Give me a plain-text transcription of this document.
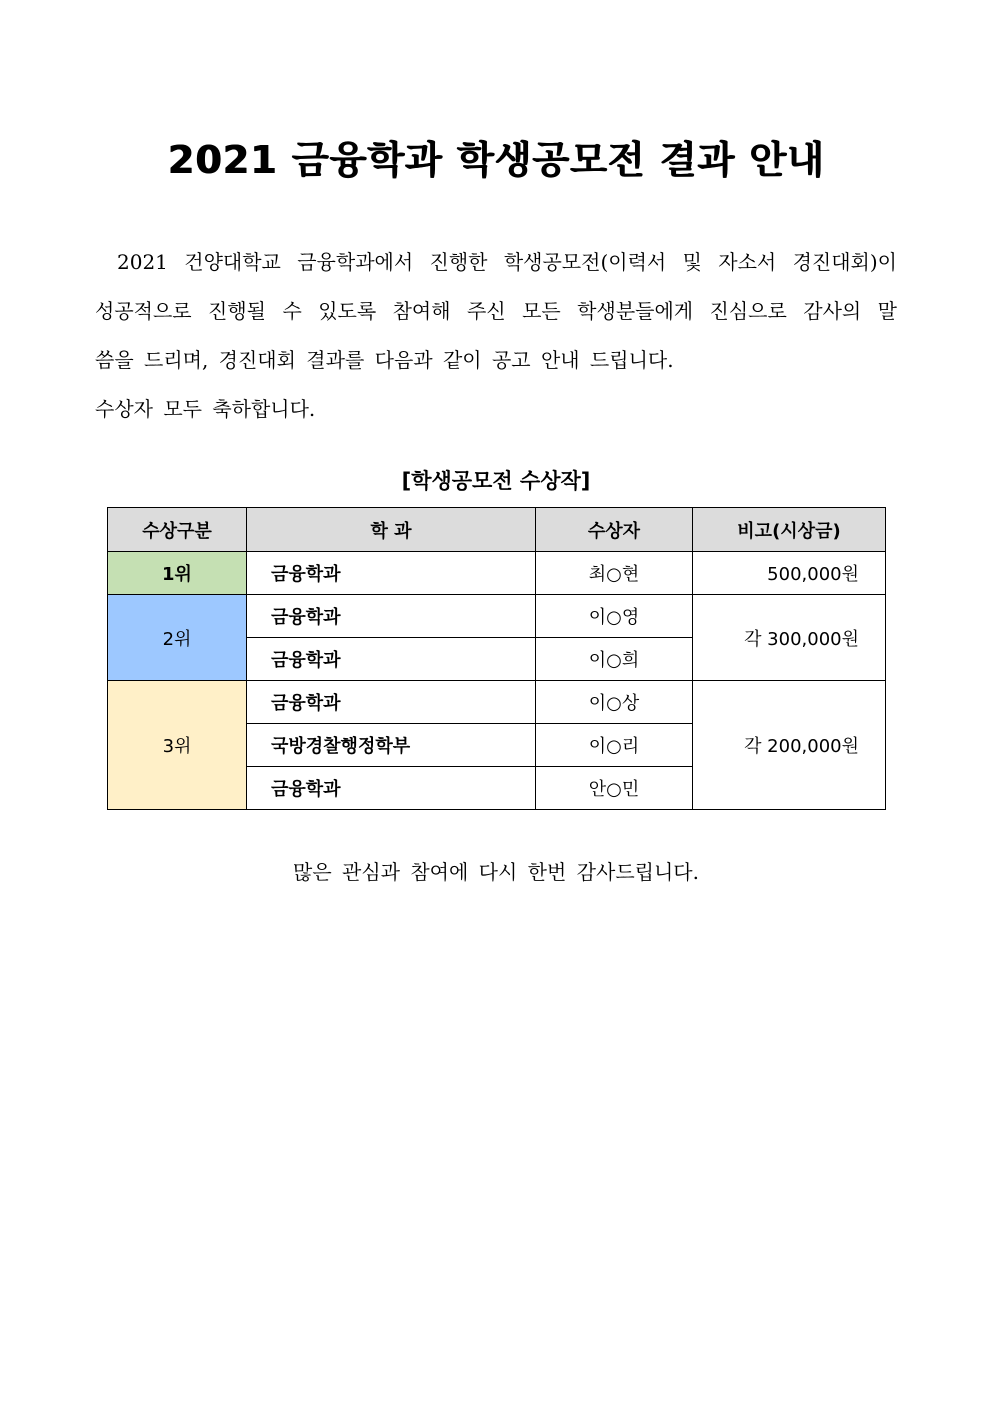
2021 금융학과 학생공모전 결과 안내

2021 건양대학교 금융학과에서 진행한 학생공모전(이력서 및 자소서 경진대회)이

성공적으로 진행될 수 있도록 참여해 주신 모든 학생분들에게 진심으로 감사의 말

씀을 드리며, 경진대회 결과를 다음과 같이 공고 안내 드립니다.

수상자 모두 축하합니다.

[학생공모전 수상작]
수상구분	학 과	수상자	비고(시상금)
1위	금융학과	최○현	500,000원
2위	금융학과	이○영	각 300,000원
	금융학과	이○희	
3위	금융학과	이○상	각 200,000원
	국방경찰행정학부	이○리	
	금융학과	안○민	
많은 관심과 참여에 다시 한번 감사드립니다.
